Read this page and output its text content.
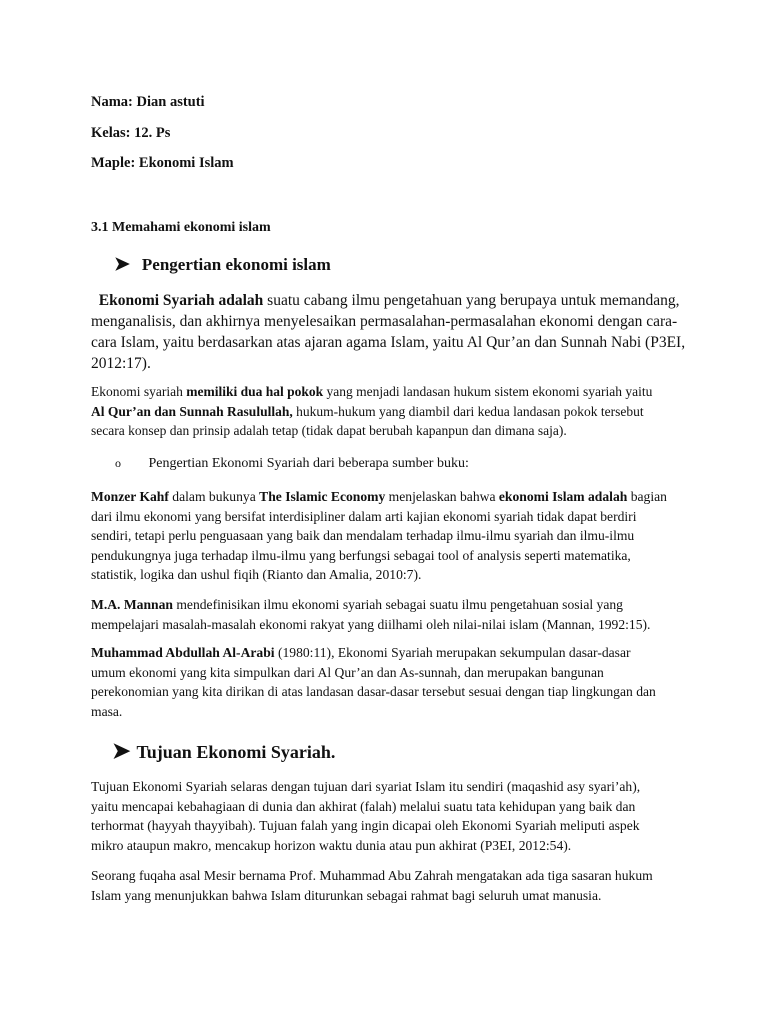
Nama: Dian astuti
Kelas: 12. Ps
Maple: Ekonomi Islam
3.1 Memahami ekonomi islam
➤ Pengertian ekonomi islam
Ekonomi Syariah adalah suatu cabang ilmu pengetahuan yang berupaya untuk memandang,
menganalisis, dan akhirnya menyelesaikan permasalahan-permasalahan ekonomi dengan cara-
cara Islam, yaitu berdasarkan atas ajaran agama Islam, yaitu Al Qur’an dan Sunnah Nabi (P3EI,
2012:17).
Ekonomi syariah memiliki dua hal pokok yang menjadi landasan hukum sistem ekonomi syariah yaitu
Al Qur’an dan Sunnah Rasulullah, hukum-hukum yang diambil dari kedua landasan pokok tersebut
secara konsep dan prinsip adalah tetap (tidak dapat berubah kapanpun dan dimana saja).
o Pengertian Ekonomi Syariah dari beberapa sumber buku:
Monzer Kahf dalam bukunya The Islamic Economy menjelaskan bahwa ekonomi Islam adalah bagian
dari ilmu ekonomi yang bersifat interdisipliner dalam arti kajian ekonomi syariah tidak dapat berdiri
sendiri, tetapi perlu penguasaan yang baik dan mendalam terhadap ilmu-ilmu syariah dan ilmu-ilmu
pendukungnya juga terhadap ilmu-ilmu yang berfungsi sebagai tool of analysis seperti matematika,
statistik, logika dan ushul fiqih (Rianto dan Amalia, 2010:7).
M.A. Mannan mendefinisikan ilmu ekonomi syariah sebagai suatu ilmu pengetahuan sosial yang
mempelajari masalah-masalah ekonomi rakyat yang diilhami oleh nilai-nilai islam (Mannan, 1992:15).
Muhammad Abdullah Al-Arabi (1980:11), Ekonomi Syariah merupakan sekumpulan dasar-dasar
umum ekonomi yang kita simpulkan dari Al Qur’an dan As-sunnah, dan merupakan bangunan
perekonomian yang kita dirikan di atas landasan dasar-dasar tersebut sesuai dengan tiap lingkungan dan
masa.
➤ Tujuan Ekonomi Syariah.
Tujuan Ekonomi Syariah selaras dengan tujuan dari syariat Islam itu sendiri (maqashid asy syari’ah),
yaitu mencapai kebahagiaan di dunia dan akhirat (falah) melalui suatu tata kehidupan yang baik dan
terhormat (hayyah thayyibah). Tujuan falah yang ingin dicapai oleh Ekonomi Syariah meliputi aspek
mikro ataupun makro, mencakup horizon waktu dunia atau pun akhirat (P3EI, 2012:54).
Seorang fuqaha asal Mesir bernama Prof. Muhammad Abu Zahrah mengatakan ada tiga sasaran hukum
Islam yang menunjukkan bahwa Islam diturunkan sebagai rahmat bagi seluruh umat manusia.
